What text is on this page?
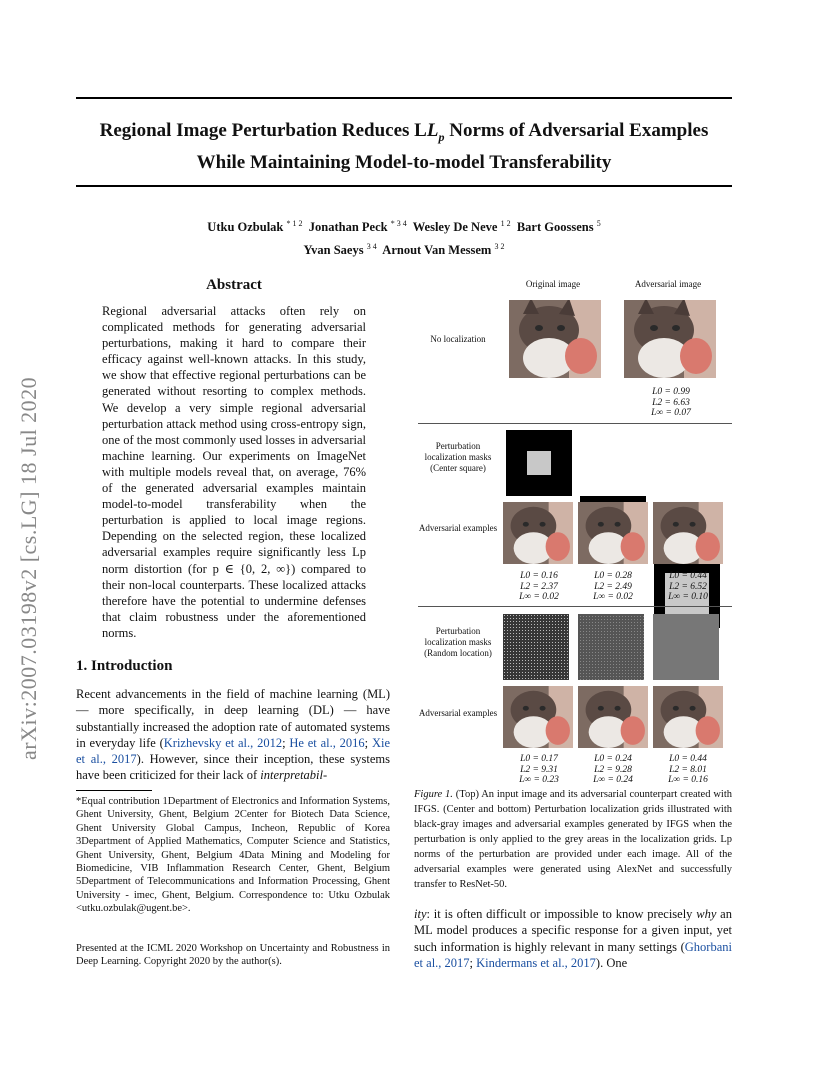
Regional Image Perturbation Reduces $LL_p$ Norms of Adversarial Examples
While Maintaining Model-to-model Transferability
Utku Ozbulak $^{* 1 2}$ Jonathan Peck $^{* 3 4}$ Wesley De Neve $^{1 2}$ Bart Goossens $^5$
Yvan Saeys $^{3 4}$ Arnout Van Messem $^{3 2}$
arXiv:2007.03198v2 [cs.LG] 18 Jul 2020
Abstract
Regional adversarial attacks often rely on complicated methods for generating adversarial perturbations, making it hard to compare their efficacy against well-known attacks. In this study, we show that effective regional perturbations can be generated without resorting to complex methods. We develop a very simple regional adversarial perturbation attack method using cross-entropy sign, one of the most commonly used losses in adversarial machine learning. Our experiments on ImageNet with multiple models reveal that, on average, 76% of the generated adversarial examples maintain model-to-model transferability when the perturbation is applied to local image regions. Depending on the selected region, these localized adversarial examples require significantly less Lp norm distortion (for p ∈ {0, 2, ∞}) compared to their non-local counterparts. These localized attacks therefore have the potential to undermine defenses that claim robustness under the aforementioned norms.
1. Introduction
Recent advancements in the field of machine learning (ML) — more specifically, in deep learning (DL) — have substantially increased the adoption rate of automated systems in everyday life (Krizhevsky et al., 2012; He et al., 2016; Xie et al., 2017). However, since their inception, these systems have been criticized for their lack of interpretabil-
*Equal contribution 1Department of Electronics and Information Systems, Ghent University, Ghent, Belgium 2Center for Biotech Data Science, Ghent University Global Campus, Incheon, Republic of Korea 3Department of Applied Mathematics, Computer Science and Statistics, Ghent University, Ghent, Belgium 4Data Mining and Modeling for Biomedicine, VIB Inflammation Research Center, Ghent, Belgium 5Department of Telecommunications and Information Processing, Ghent University - imec, Ghent, Belgium. Correspondence to: Utku Ozbulak <utku.ozbulak@ugent.be>.
Presented at the ICML 2020 Workshop on Uncertainty and Robustness in Deep Learning. Copyright 2020 by the author(s).
Original image	Adversarial image
No localization
L0 = 0.99
L2 = 6.63
L∞ = 0.07
Perturbation localization masks (Center square)
Adversarial examples
L0 = 0.16
L2 = 2.37
L∞ = 0.02
L0 = 0.28
L2 = 2.49
L∞ = 0.02
L0 = 0.44
L2 = 6.52
L∞ = 0.10
Perturbation localization masks (Random location)
Adversarial examples
L0 = 0.17
L2 = 9.31
L∞ = 0.23
L0 = 0.24
L2 = 9.28
L∞ = 0.24
L0 = 0.44
L2 = 8.01
L∞ = 0.16
Figure 1. (Top) An input image and its adversarial counterpart created with IFGS. (Center and bottom) Perturbation localization grids illustrated with black-gray images and adversarial examples generated by IFGS when the perturbation is only applied to the grey areas in the localization grids. Lp norms of the perturbation are provided under each image. All of the adversarial examples were generated using AlexNet and successfully transfer to ResNet-50.
ity: it is often difficult or impossible to know precisely why an ML model produces a specific response for a given input, yet such information is highly relevant in many settings (Ghorbani et al., 2017; Kindermans et al., 2017). One
